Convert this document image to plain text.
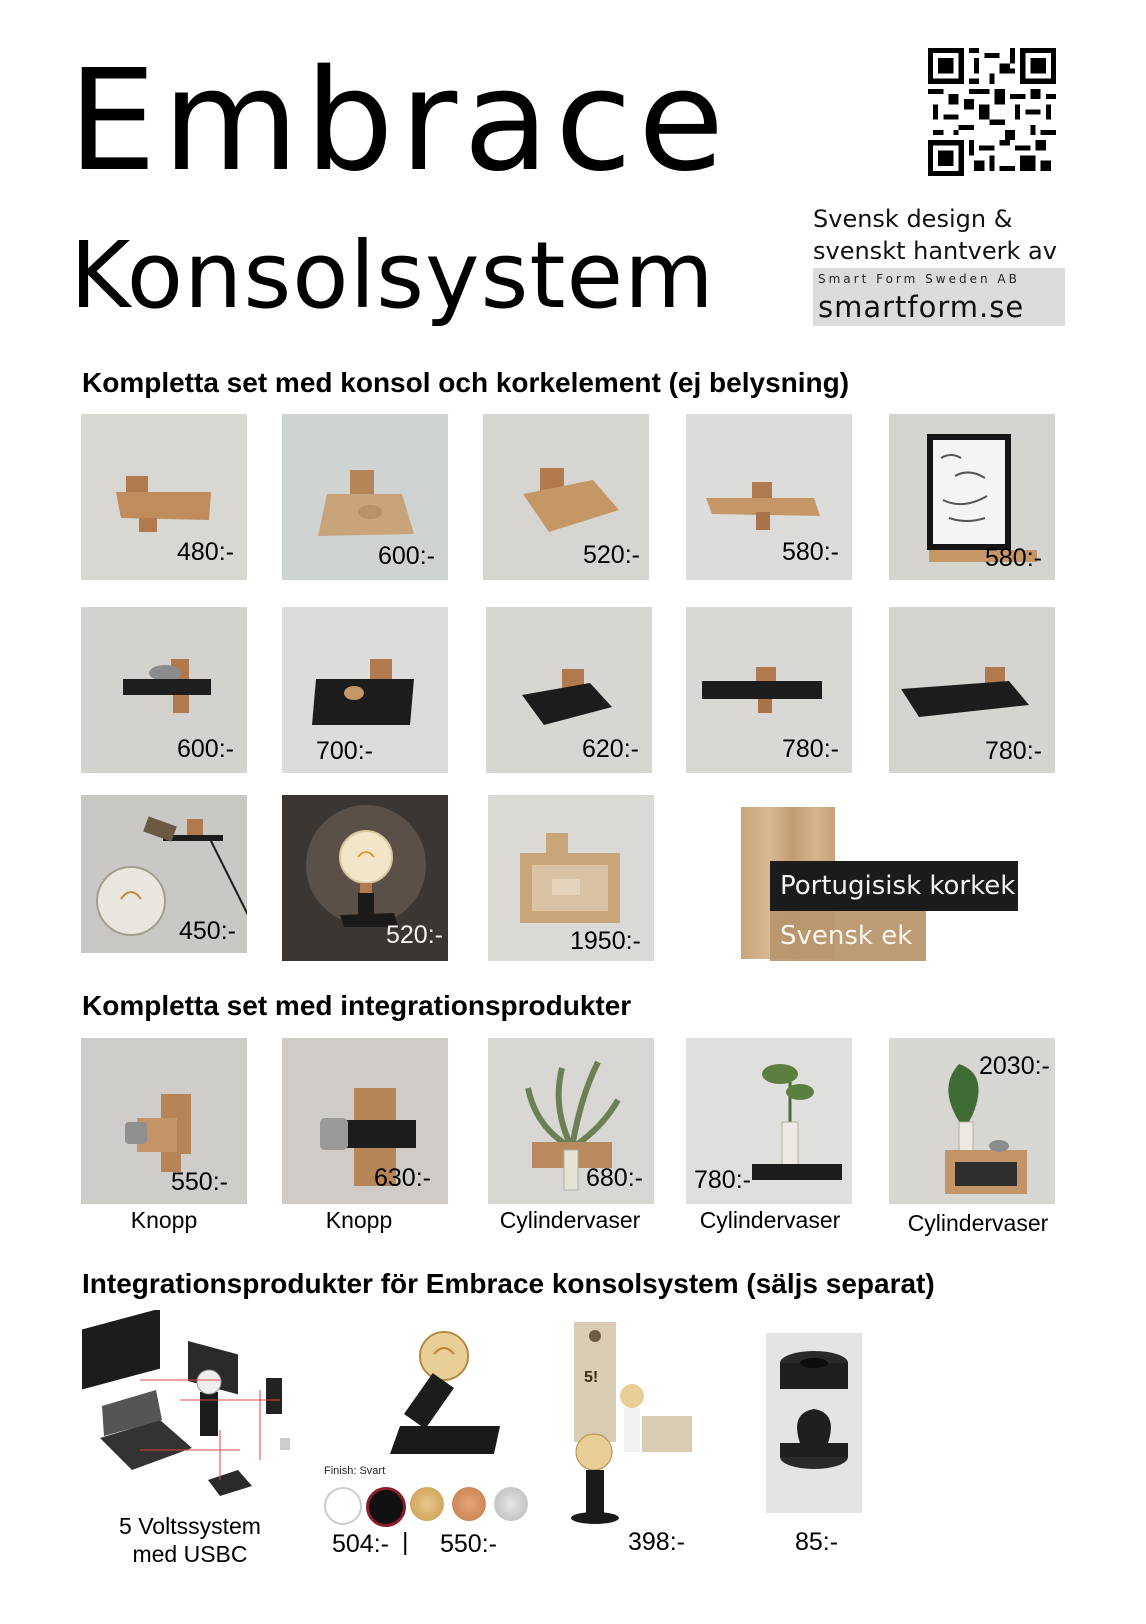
Embrace
Konsolsystem
Svensk design &
svenskt hantverk av
Smart Form Sweden AB
smartform.se
Kompletta set med konsol och korkelement (ej belysning)
480:-	600:-	520:-	580:-	580:-
600:-	700:-	620:-	780:-	780:-
450:-	520:-	1950:-
Portugisisk korkek
Svensk ek
Kompletta set med integrationsprodukter
550:-
Knopp
630:-
Knopp
680:-
Cylindervaser
780:-
Cylindervaser
2030:-
Cylindervaser
Integrationsprodukter för Embrace konsolsystem (säljs separat)
5 Voltssystem
med USBC
Finish: Svart
504:- | 550:-
5!
398:-	85:-
